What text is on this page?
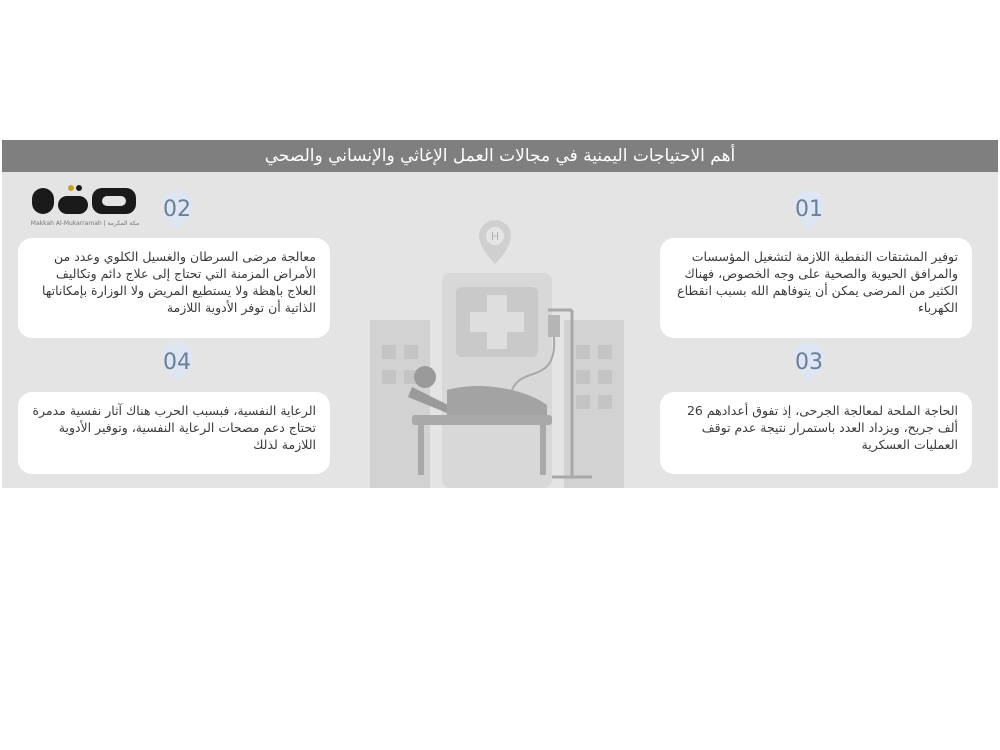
أهم الاحتياجات اليمنية في مجالات العمل الإغاثي والإنساني والصحي
Makkah Al-Mukarramah | مكة المكرمة
H
02	01
04	03
معالجة مرضى السرطان والغسيل الكلوي وعدد من الأمراض المزمنة التي تحتاج إلى علاج دائم وتكاليف العلاج باهظة ولا يستطيع المريض ولا الوزارة بإمكاناتها الذاتية أن توفر الأدوية اللازمة
توفير المشتقات النفطية اللازمة لتشغيل المؤسسات والمرافق الحيوية والصحية على وجه الخصوص، فهناك الكثير من المرضى يمكن أن يتوفاهم الله بسبب انقطاع الكهرباء
الرعاية النفسية، فبسبب الحرب هناك آثار نفسية مدمرة تحتاج دعم مصحات الرعاية النفسية، وتوفير الأدوية اللازمة لذلك
الحاجة الملحة لمعالجة الجرحى، إذ تفوق أعدادهم 26 ألف جريح، ويزداد العدد باستمرار نتيجة عدم توقف العمليات العسكرية
